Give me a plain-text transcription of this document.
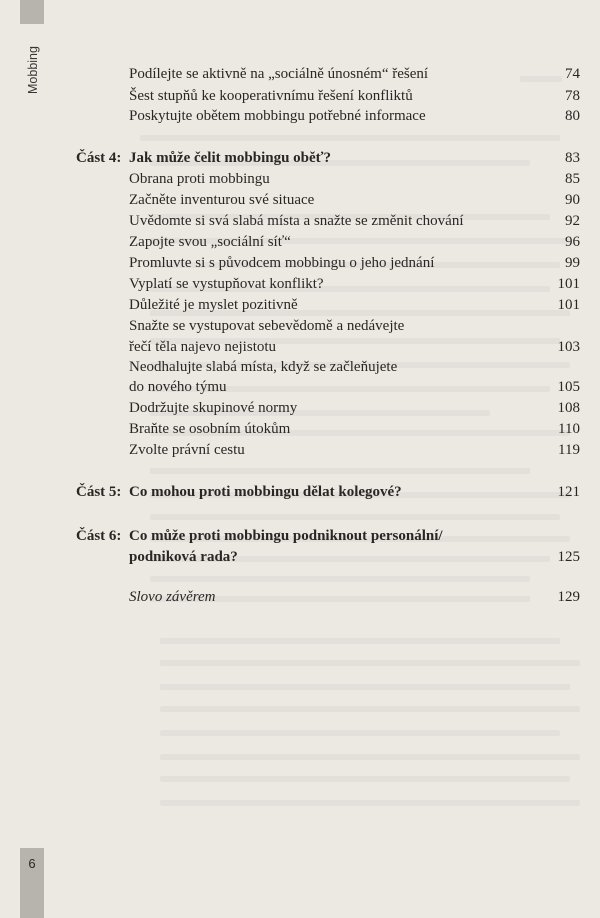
Mobbing
6
Podílejte se aktivně na „sociálně únosném“ řešení	74
Šest stupňů ke kooperativnímu řešení konfliktů	78
Poskytujte obětem mobbingu potřebné informace	80
Část 4: Jak může čelit mobbingu oběť?	83
Obrana proti mobbingu	85
Začněte inventurou své situace	90
Uvědomte si svá slabá místa a snažte se změnit chování	92
Zapojte svou „sociální síť“	96
Promluvte si s původcem mobbingu o jeho jednání	99
Vyplatí se vystupňovat konflikt?	101
Důležité je myslet pozitivně	101
Snažte se vystupovat sebevědomě a nedávejte
řečí těla najevo nejistotu	103
Neodhalujte slabá místa, když se začleňujete
do nového týmu	105
Dodržujte skupinové normy	108
Braňte se osobním útokům	110
Zvolte právní cestu	119
Část 5: Co mohou proti mobbingu dělat kolegové?	121
Část 6: Co může proti mobbingu podniknout personální/
podniková rada?	125
Slovo závěrem	129
